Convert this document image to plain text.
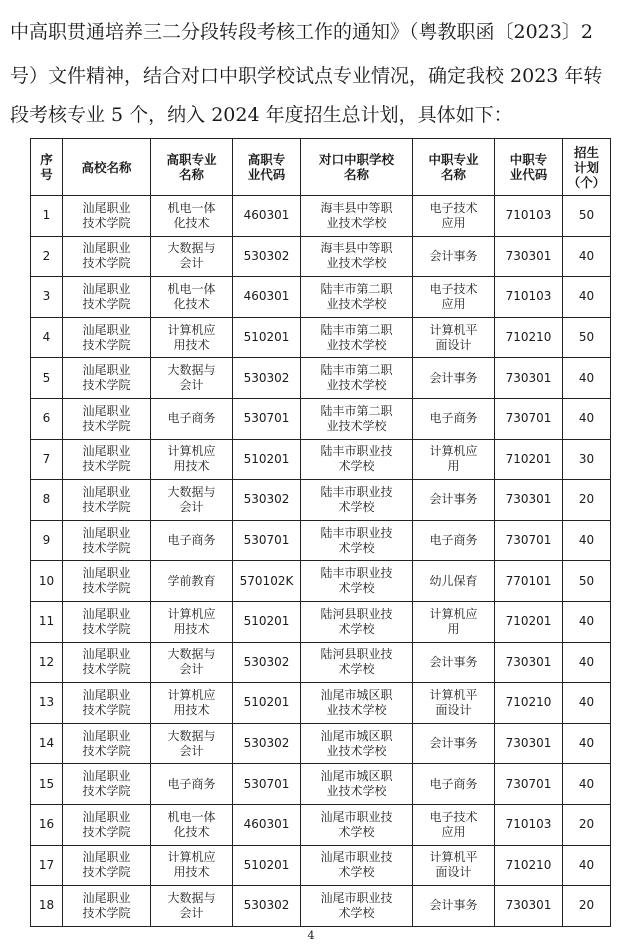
中高职贯通培养三二分段转段考核工作的通知》（粤教职函〔2023〕2
号）文件精神，结合对口中职学校试点专业情况，确定我校 2023 年转
段考核专业 5 个，纳入 2024 年度招生总计划，具体如下：
序
号	高校名称	高职专业
名称	高职专
业代码	对口中职学校
名称	中职专业
名称	中职专
业代码	招生
计划
（个）

1	汕尾职业
技术学院	机电一体
化技术	460301	海丰县中等职
业技术学校	电子技术
应用	710103	50

2	汕尾职业
技术学院	大数据与
会计	530302	海丰县中等职
业技术学校	会计事务	730301	40

3	汕尾职业
技术学院	机电一体
化技术	460301	陆丰市第二职
业技术学校	电子技术
应用	710103	40

4	汕尾职业
技术学院	计算机应
用技术	510201	陆丰市第二职
业技术学校	计算机平
面设计	710210	50

5	汕尾职业
技术学院	大数据与
会计	530302	陆丰市第二职
业技术学校	会计事务	730301	40

6	汕尾职业
技术学院	电子商务	530701	陆丰市第二职
业技术学校	电子商务	730701	40

7	汕尾职业
技术学院	计算机应
用技术	510201	陆丰市职业技
术学校	计算机应
用	710201	30

8	汕尾职业
技术学院	大数据与
会计	530302	陆丰市职业技
术学校	会计事务	730301	20

9	汕尾职业
技术学院	电子商务	530701	陆丰市职业技
术学校	电子商务	730701	40

10	汕尾职业
技术学院	学前教育	570102K	陆丰市职业技
术学校	幼儿保育	770101	50

11	汕尾职业
技术学院	计算机应
用技术	510201	陆河县职业技
术学校	计算机应
用	710201	40

12	汕尾职业
技术学院	大数据与
会计	530302	陆河县职业技
术学校	会计事务	730301	40

13	汕尾职业
技术学院	计算机应
用技术	510201	汕尾市城区职
业技术学校	计算机平
面设计	710210	40

14	汕尾职业
技术学院	大数据与
会计	530302	汕尾市城区职
业技术学校	会计事务	730301	40

15	汕尾职业
技术学院	电子商务	530701	汕尾市城区职
业技术学校	电子商务	730701	40

16	汕尾职业
技术学院	机电一体
化技术	460301	汕尾市职业技
术学校	电子技术
应用	710103	20

17	汕尾职业
技术学院	计算机应
用技术	510201	汕尾市职业技
术学校	计算机平
面设计	710210	40

18	汕尾职业
技术学院	大数据与
会计	530302	汕尾市职业技
术学校	会计事务	730301	20
4
